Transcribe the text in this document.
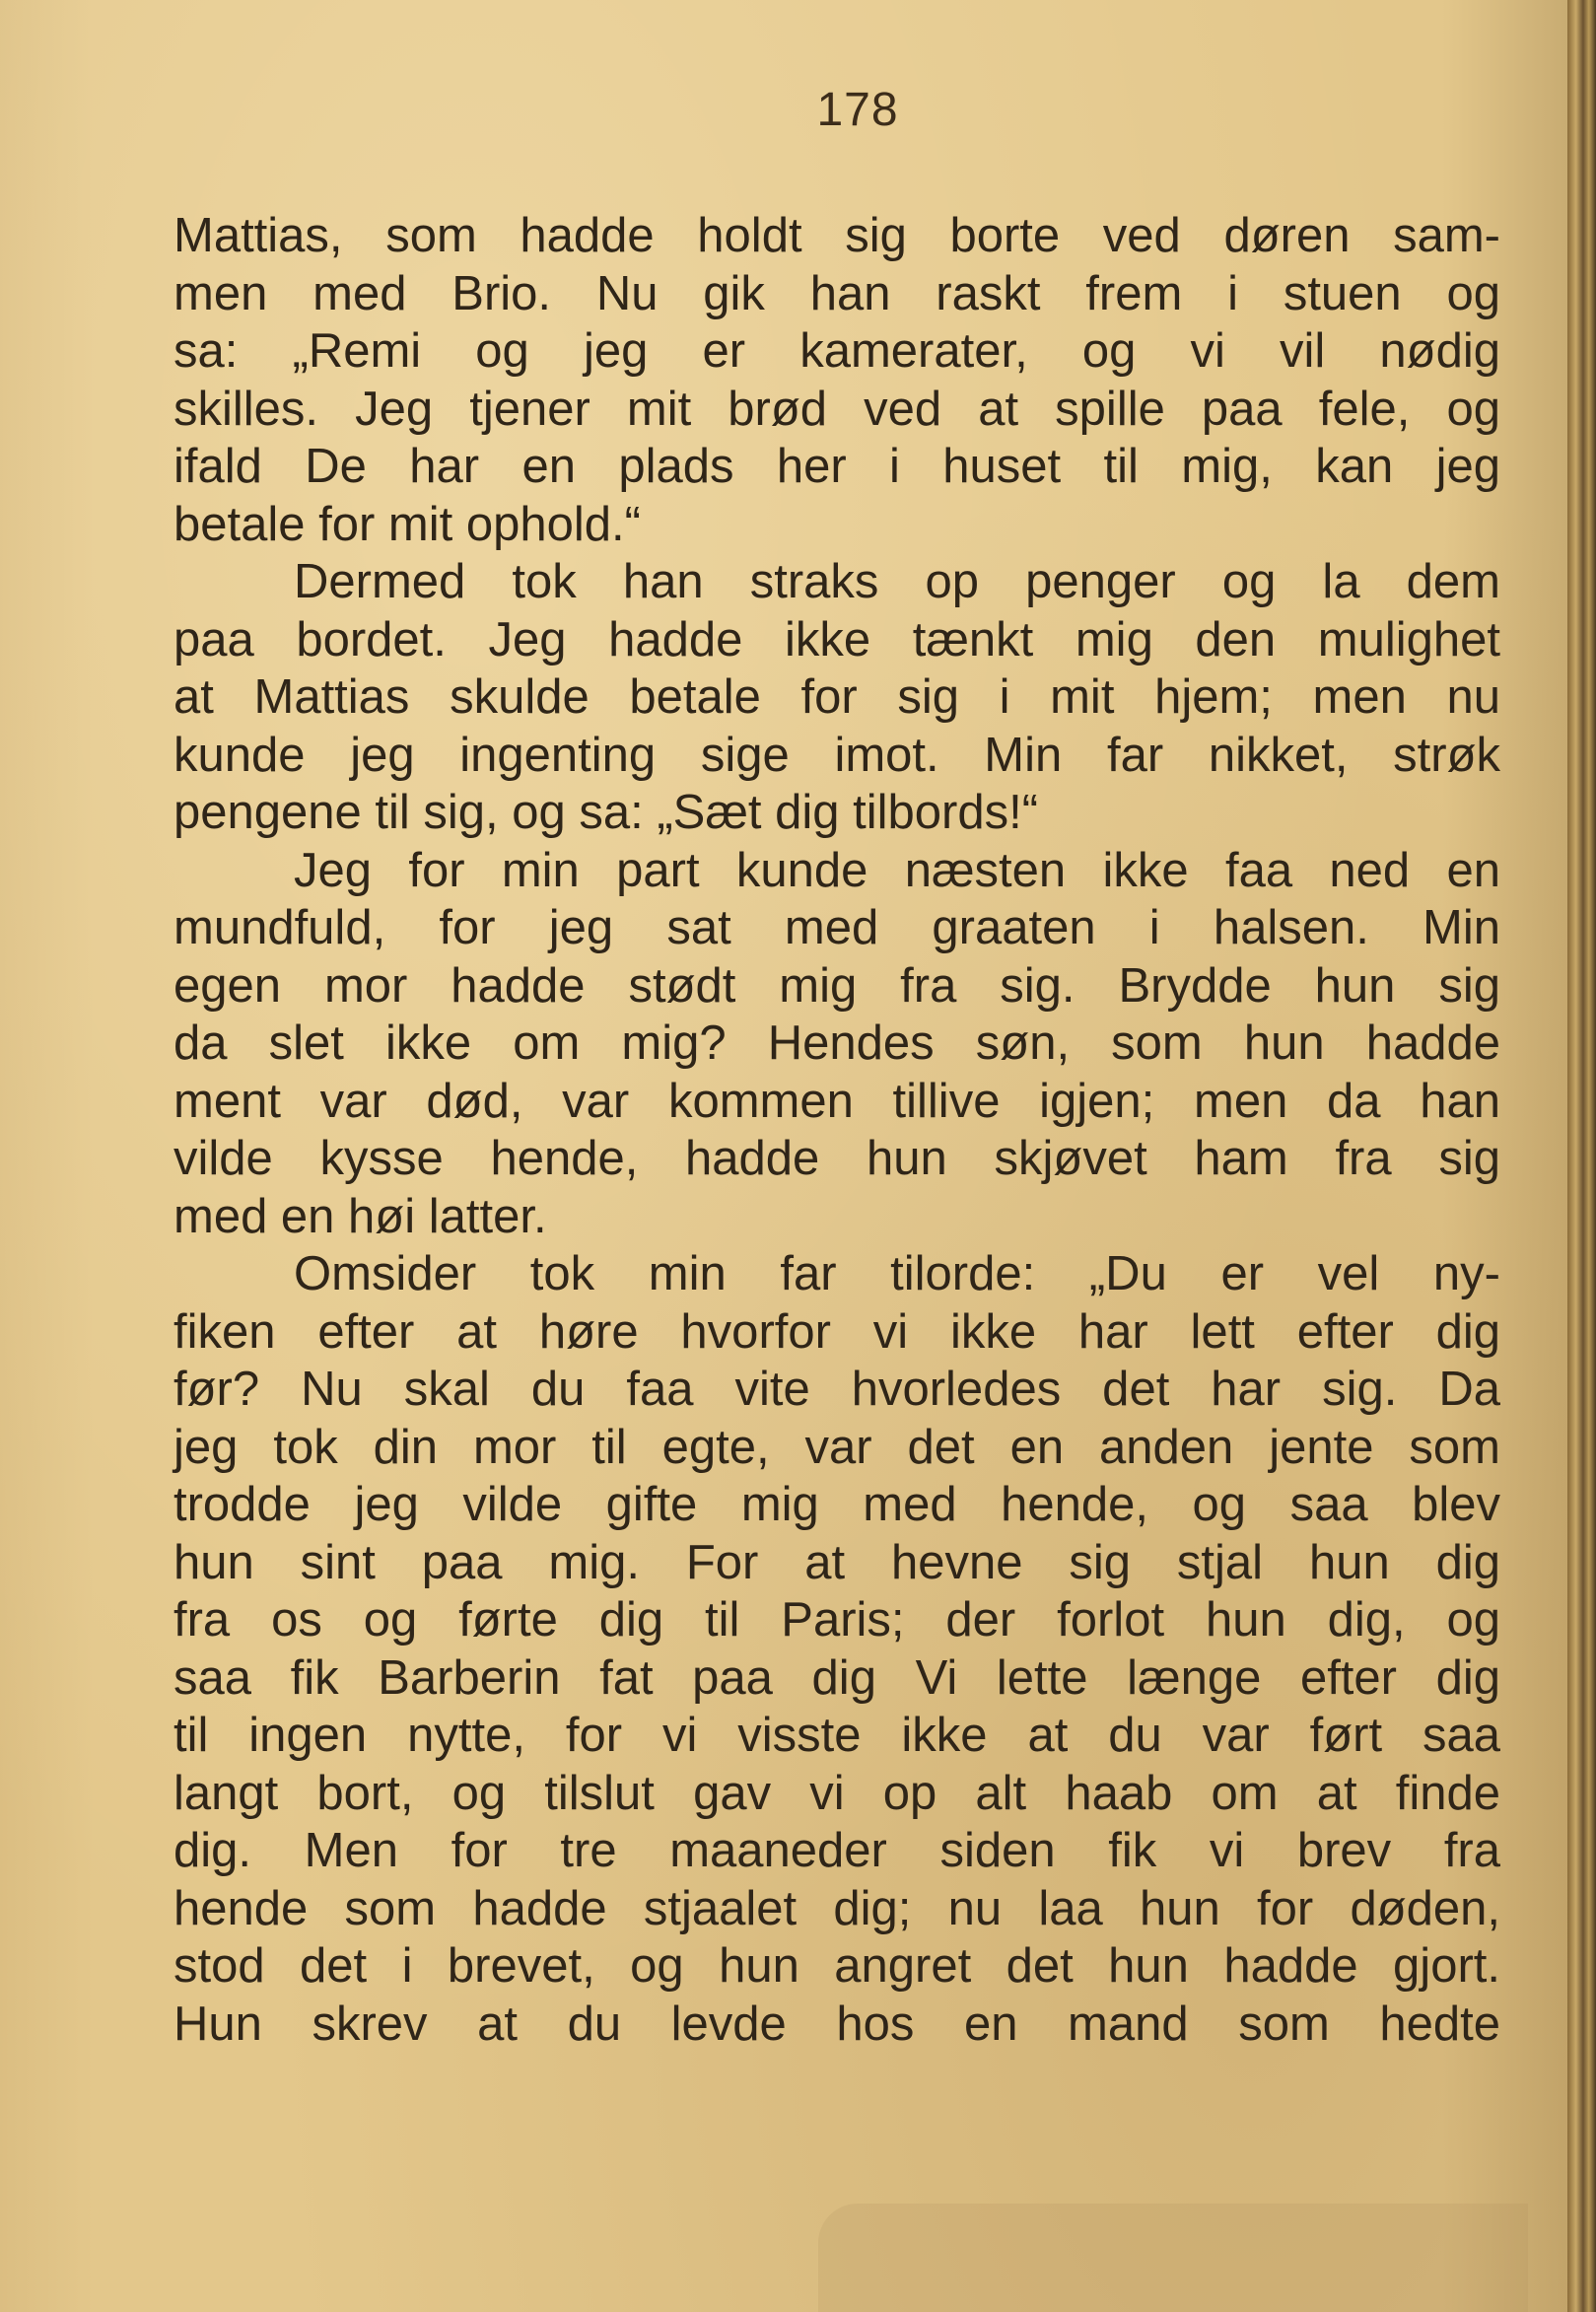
178
Mattias, som hadde holdt sig borte ved døren sam-
men med Brio. Nu gik han raskt frem i stuen og
sa: „Remi og jeg er kamerater, og vi vil nødig
skilles. Jeg tjener mit brød ved at spille paa fele, og
ifald De har en plads her i huset til mig, kan jeg
betale for mit ophold.“
Dermed tok han straks op penger og la dem
paa bordet. Jeg hadde ikke tænkt mig den mulighet
at Mattias skulde betale for sig i mit hjem; men nu
kunde jeg ingenting sige imot. Min far nikket, strøk
pengene til sig, og sa: „Sæt dig tilbords!“
Jeg for min part kunde næsten ikke faa ned en
mundfuld, for jeg sat med graaten i halsen. Min
egen mor hadde stødt mig fra sig. Brydde hun sig
da slet ikke om mig? Hendes søn, som hun hadde
ment var død, var kommen tillive igjen; men da han
vilde kysse hende, hadde hun skjøvet ham fra sig
med en høi latter.
Omsider tok min far tilorde: „Du er vel ny-
fiken efter at høre hvorfor vi ikke har lett efter dig
før? Nu skal du faa vite hvorledes det har sig. Da
jeg tok din mor til egte, var det en anden jente som
trodde jeg vilde gifte mig med hende, og saa blev
hun sint paa mig. For at hevne sig stjal hun dig
fra os og førte dig til Paris; der forlot hun dig, og
saa fik Barberin fat paa dig Vi lette længe efter dig
til ingen nytte, for vi visste ikke at du var ført saa
langt bort, og tilslut gav vi op alt haab om at finde
dig. Men for tre maaneder siden fik vi brev fra
hende som hadde stjaalet dig; nu laa hun for døden,
stod det i brevet, og hun angret det hun hadde gjort.
Hun skrev at du levde hos en mand som hedte
